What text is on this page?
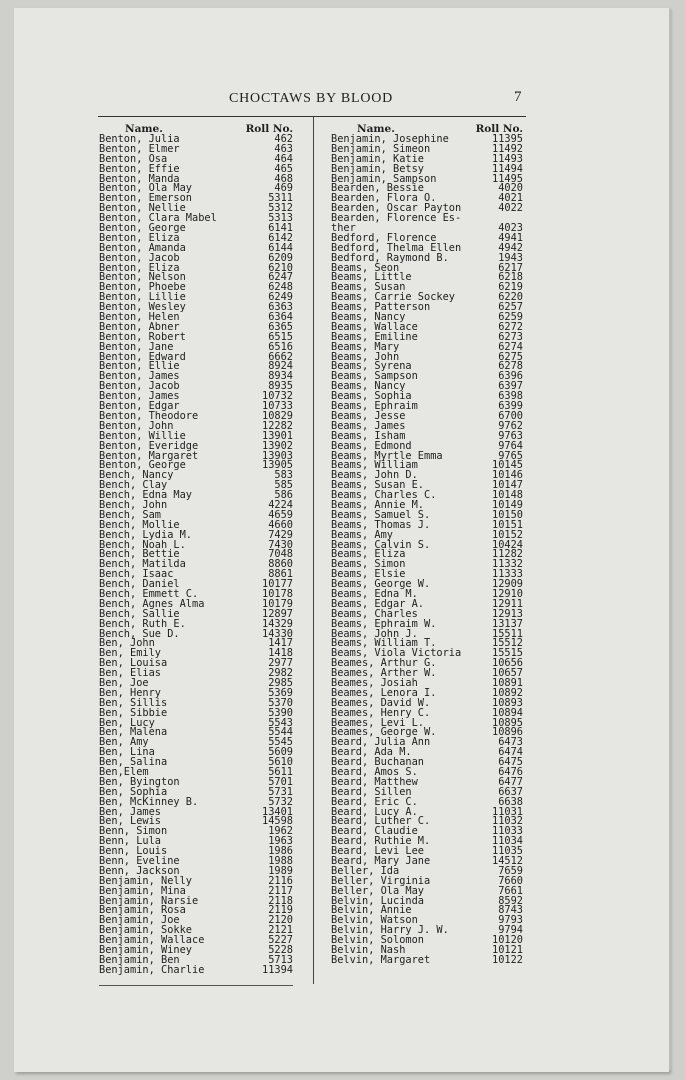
CHOCTAWS BY BLOOD	7
Name.	Roll No.
Benton, Julia	462
Benton, Elmer	463
Benton, Osa	464
Benton, Effie	465
Benton, Manda	468
Benton, Ola May	469
Benton, Emerson	5311
Benton, Nellie	5312
Benton, Clara Mabel	5313
Benton, George	6141
Benton, Eliza	6142
Benton, Amanda	6144
Benton, Jacob	6209
Benton, Eliza	6210
Benton, Nelson	6247
Benton, Phoebe	6248
Benton, Lillie	6249
Benton, Wesley	6363
Benton, Helen	6364
Benton, Abner	6365
Benton, Robert	6515
Benton, Jane	6516
Benton, Edward	6662
Benton, Ellie	8924
Benton, James	8934
Benton, Jacob	8935
Benton, James	10732
Benton, Edgar	10733
Benton, Theodore	10829
Benton, John	12282
Benton, Willie	13901
Benton, Everidge	13902
Benton, Margaret	13903
Benton, George	13905
Bench, Nancy	583
Bench, Clay	585
Bench, Edna May	586
Bench, John	4224
Bench, Sam	4659
Bench, Mollie	4660
Bench, Lydia M.	7429
Bench, Noah L.	7430
Bench, Bettie	7048
Bench, Matilda	8860
Bench, Isaac	8861
Bench, Daniel	10177
Bench, Emmett C.	10178
Bench, Agnes Alma	10179
Bench, Sallie	12897
Bench, Ruth E.	14329
Bench, Sue D.	14330
Ben, John	1417
Ben, Emily	1418
Ben, Louisa	2977
Ben, Elias	2982
Ben, Joe	2985
Ben, Henry	5369
Ben, Sillis	5370
Ben, Sibbie	5390
Ben, Lucy	5543
Ben, Malena	5544
Ben, Amy	5545
Ben, Lina	5609
Ben, Salina	5610
Ben,Elem	5611
Ben, Byington	5701
Ben, Sophia	5731
Ben, McKinney B.	5732
Ben, James	13401
Ben, Lewis	14598
Benn, Simon	1962
Benn, Lula	1963
Benn, Louis	1986
Benn, Eveline	1988
Benn, Jackson	1989
Benjamin, Nelly	2116
Benjamin, Mina	2117
Benjamin, Narsie	2118
Benjamin, Rosa	2119
Benjamin, Joe	2120
Benjamin, Sokke	2121
Benjamin, Wallace	5227
Benjamin, Winey	5228
Benjamin, Ben	5713
Benjamin, Charlie	11394
Name.	Roll No.
Benjamin, Josephine	11395
Benjamin, Simeon	11492
Benjamin, Katie	11493
Benjamin, Betsy	11494
Benjamin, Sampson	11495
Bearden, Bessie	4020
Bearden, Flora O.	4021
Bearden, Oscar Payton	4022
Bearden, Florence Es-
ther	4023
Bedford, Florence	4941
Bedford, Thelma Ellen	4942
Bedford, Raymond B.	1943
Beams, Seon	6217
Beams, Little	6218
Beams, Susan	6219
Beams, Carrie Sockey	6220
Beams, Patterson	6257
Beams, Nancy	6259
Beams, Wallace	6272
Beams, Emiline	6273
Beams, Mary	6274
Beams, John	6275
Beams, Syrena	6278
Beams, Sampson	6396
Beams, Nancy	6397
Beams, Sophia	6398
Beams, Ephraim	6399
Beams, Jesse	6700
Beams, James	9762
Beams, Isham	9763
Beams, Edmond	9764
Beams, Myrtle Emma	9765
Beams, William	10145
Beams, John D.	10146
Beams, Susan E.	10147
Beams, Charles C.	10148
Beams, Annie M.	10149
Beams, Samuel S.	10150
Beams, Thomas J.	10151
Beams, Amy	10152
Beams, Calvin S.	10424
Beams, Eliza	11282
Beams, Simon	11332
Beams, Elsie	11333
Beams, George W.	12909
Beams, Edna M.	12910
Beams, Edgar A.	12911
Beams, Charles	12913
Beams, Ephraim W.	13137
Beams, John J.	15511
Beams, William T.	15512
Beams, Viola Victoria	15515
Beames, Arthur G.	10656
Beames, Arther W.	10657
Beames, Josiah	10891
Beames, Lenora I.	10892
Beames, David W.	10893
Beames, Henry C.	10894
Beames, Levi L.	10895
Beames, George W.	10896
Beard, Julia Ann	6473
Beard, Ada M.	6474
Beard, Buchanan	6475
Beard, Amos S.	6476
Beard, Matthew	6477
Beard, Sillen	6637
Beard, Eric C.	6638
Beard, Lucy A.	11031
Beard, Luther C.	11032
Beard, Claudie	11033
Beard, Ruthie M.	11034
Beard, Levi Lee	11035
Beard, Mary Jane	14512
Beller, Ida	7659
Beller, Virginia	7660
Beller, Ola May	7661
Belvin, Lucinda	8592
Belvin, Annie	8743
Belvin, Watson	9793
Belvin, Harry J. W.	9794
Belvin, Solomon	10120
Belvin, Nash	10121
Belvin, Margaret	10122
